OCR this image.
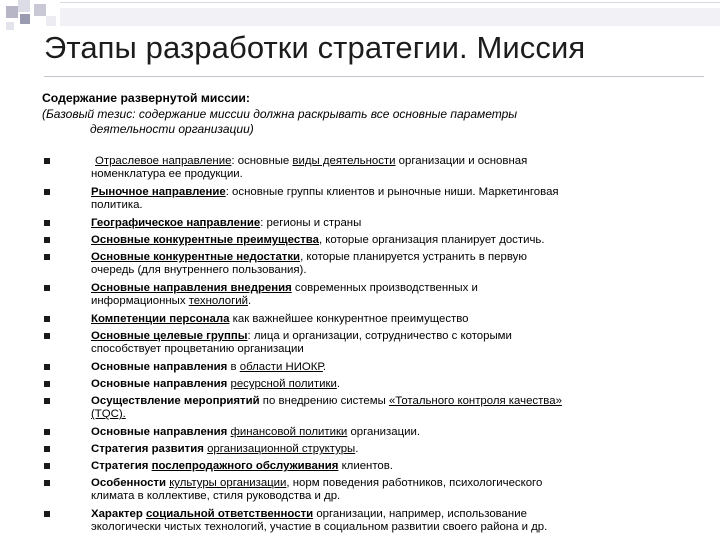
Этапы разработки стратегии. Миссия
Содержание развернутой миссии:
(Базовый тезис: содержание миссии должна раскрывать все основные параметры
деятельности организации)
Отраслевое направление: основные виды деятельности организации и основная
номенклатура ее продукции.
Рыночное направление: основные группы клиентов и рыночные ниши. Маркетинговая
политика.
Географическое направление: регионы и страны
Основные конкурентные преимущества, которые организация планирует достичь.
Основные конкурентные недостатки, которые планируется устранить в первую
очередь (для внутреннего пользования).
Основные направления внедрения современных производственных и
информационных технологий.
Компетенции персонала как важнейшее конкурентное преимущество
Основные целевые группы: лица и организации, сотрудничество с которыми
способствует процветанию организации
Основные направления в области НИОКР.
Основные направления ресурсной политики.
Осуществление мероприятий по внедрению системы «Тотального контроля качества»
(TQC).
Основные направления финансовой политики организации.
Стратегия развития организационной структуры.
Стратегия послепродажного обслуживания клиентов.
Особенности культуры организации, норм поведения работников, психологического
климата в коллективе, стиля руководства и др.
Характер социальной ответственности организации, например, использование
экологически чистых технологий, участие в социальном развитии своего района и др.
